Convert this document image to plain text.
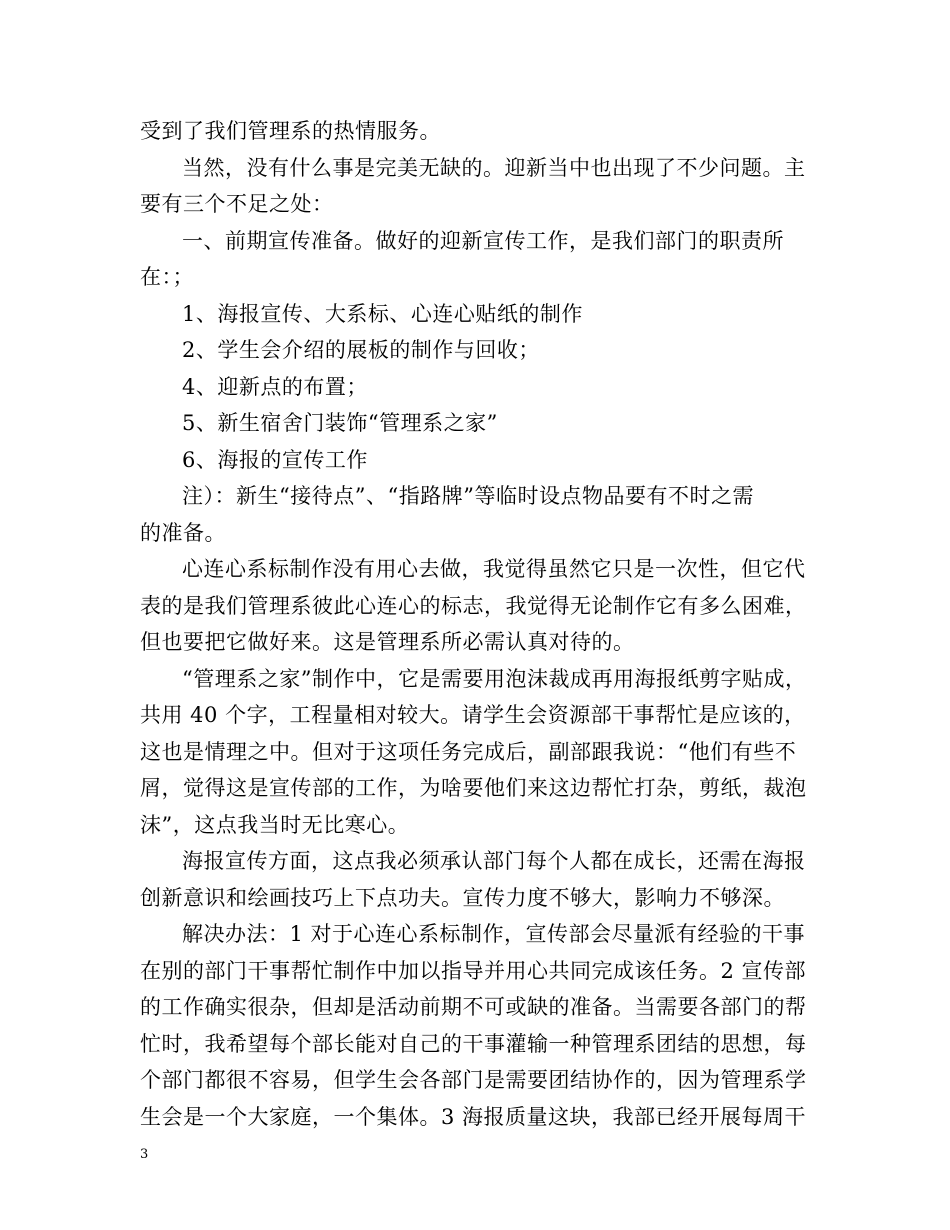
受到了我们管理系的热情服务。
当然，没有什么事是完美无缺的。迎新当中也出现了不少问题。主
要有三个不足之处：
一、前期宣传准备。做好的迎新宣传工作，是我们部门的职责所
在：；
1、海报宣传、大系标、心连心贴纸的制作
2、学生会介绍的展板的制作与回收；
4、迎新点的布置；
5、新生宿舍门装饰“管理系之家”
6、海报的宣传工作
注）：新生“接待点”、“指路牌”等临时设点物品要有不时之需
的准备。
心连心系标制作没有用心去做，我觉得虽然它只是一次性，但它代
表的是我们管理系彼此心连心的标志，我觉得无论制作它有多么困难，
但也要把它做好来。这是管理系所必需认真对待的。
“管理系之家”制作中，它是需要用泡沫裁成再用海报纸剪字贴成，
共用 40 个字，工程量相对较大。请学生会资源部干事帮忙是应该的，
这也是情理之中。但对于这项任务完成后，副部跟我说：“他们有些不
屑，觉得这是宣传部的工作，为啥要他们来这边帮忙打杂，剪纸，裁泡
沫”，这点我当时无比寒心。
海报宣传方面，这点我必须承认部门每个人都在成长，还需在海报
创新意识和绘画技巧上下点功夫。宣传力度不够大，影响力不够深。
解决办法：1 对于心连心系标制作，宣传部会尽量派有经验的干事
在别的部门干事帮忙制作中加以指导并用心共同完成该任务。2 宣传部
的工作确实很杂，但却是活动前期不可或缺的准备。当需要各部门的帮
忙时，我希望每个部长能对自己的干事灌输一种管理系团结的思想，每
个部门都很不容易，但学生会各部门是需要团结协作的，因为管理系学
生会是一个大家庭，一个集体。3 海报质量这块，我部已经开展每周干
3
